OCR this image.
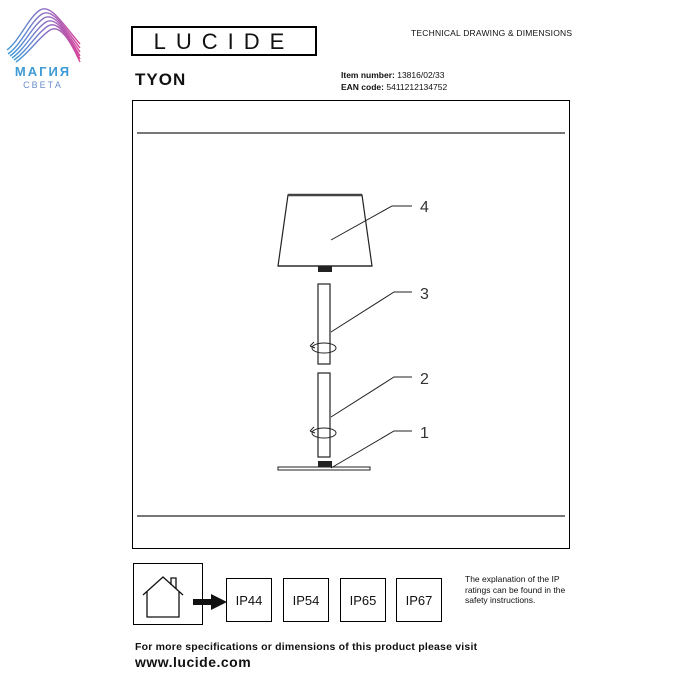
МАГИЯ
СВЕТА
LUCIDE	TECHNICAL DRAWING & DIMENSIONS
TYON	Item number: 13816/02/33
EAN code: 5411212134752
4
3
2
1
IP44	IP54	IP65	IP67
The explanation of the IP ratings can be found in the safety instructions.
For more specifications or dimensions of this product please visit
www.lucide.com
